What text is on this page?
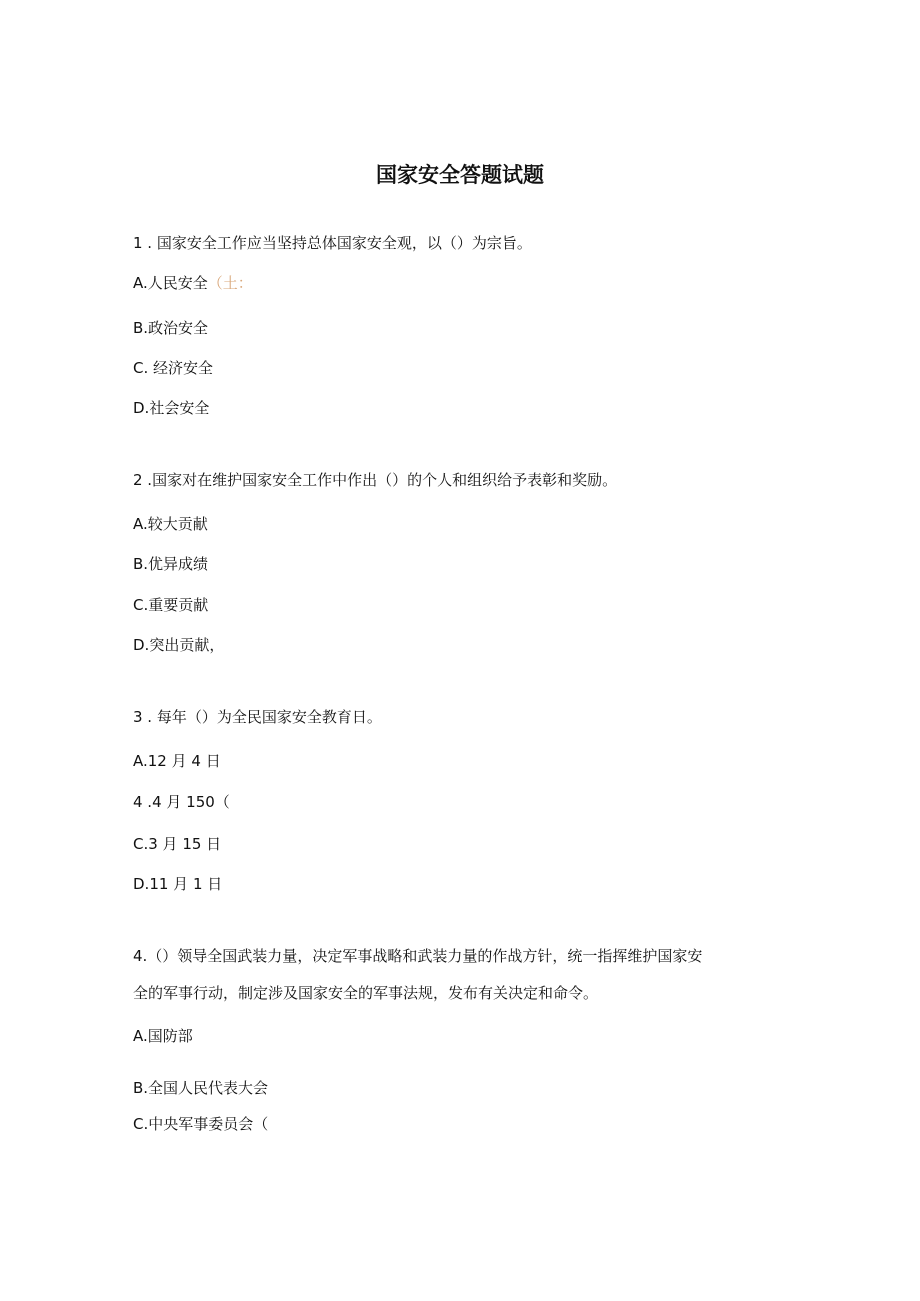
国家安全答题试题

1 . 国家安全工作应当坚持总体国家安全观，以（）为宗旨。

A.人民安全（土：

B.政治安全

C. 经济安全

D.社会安全

2 .国家对在维护国家安全工作中作出（）的个人和组织给予表彰和奖励。

A.较大贡献

B.优异成绩

C.重要贡献

D.突出贡献，

3 . 每年（）为全民国家安全教育日。

A.12 月 4 日

4 .4 月 150（

C.3 月 15 日

D.11 月 1 日

4.（）领导全国武装力量，决定军事战略和武装力量的作战方针，统一指挥维护国家安

全的军事行动，制定涉及国家安全的军事法规，发布有关决定和命令。

A.国防部

B.全国人民代表大会

C.中央军事委员会（
